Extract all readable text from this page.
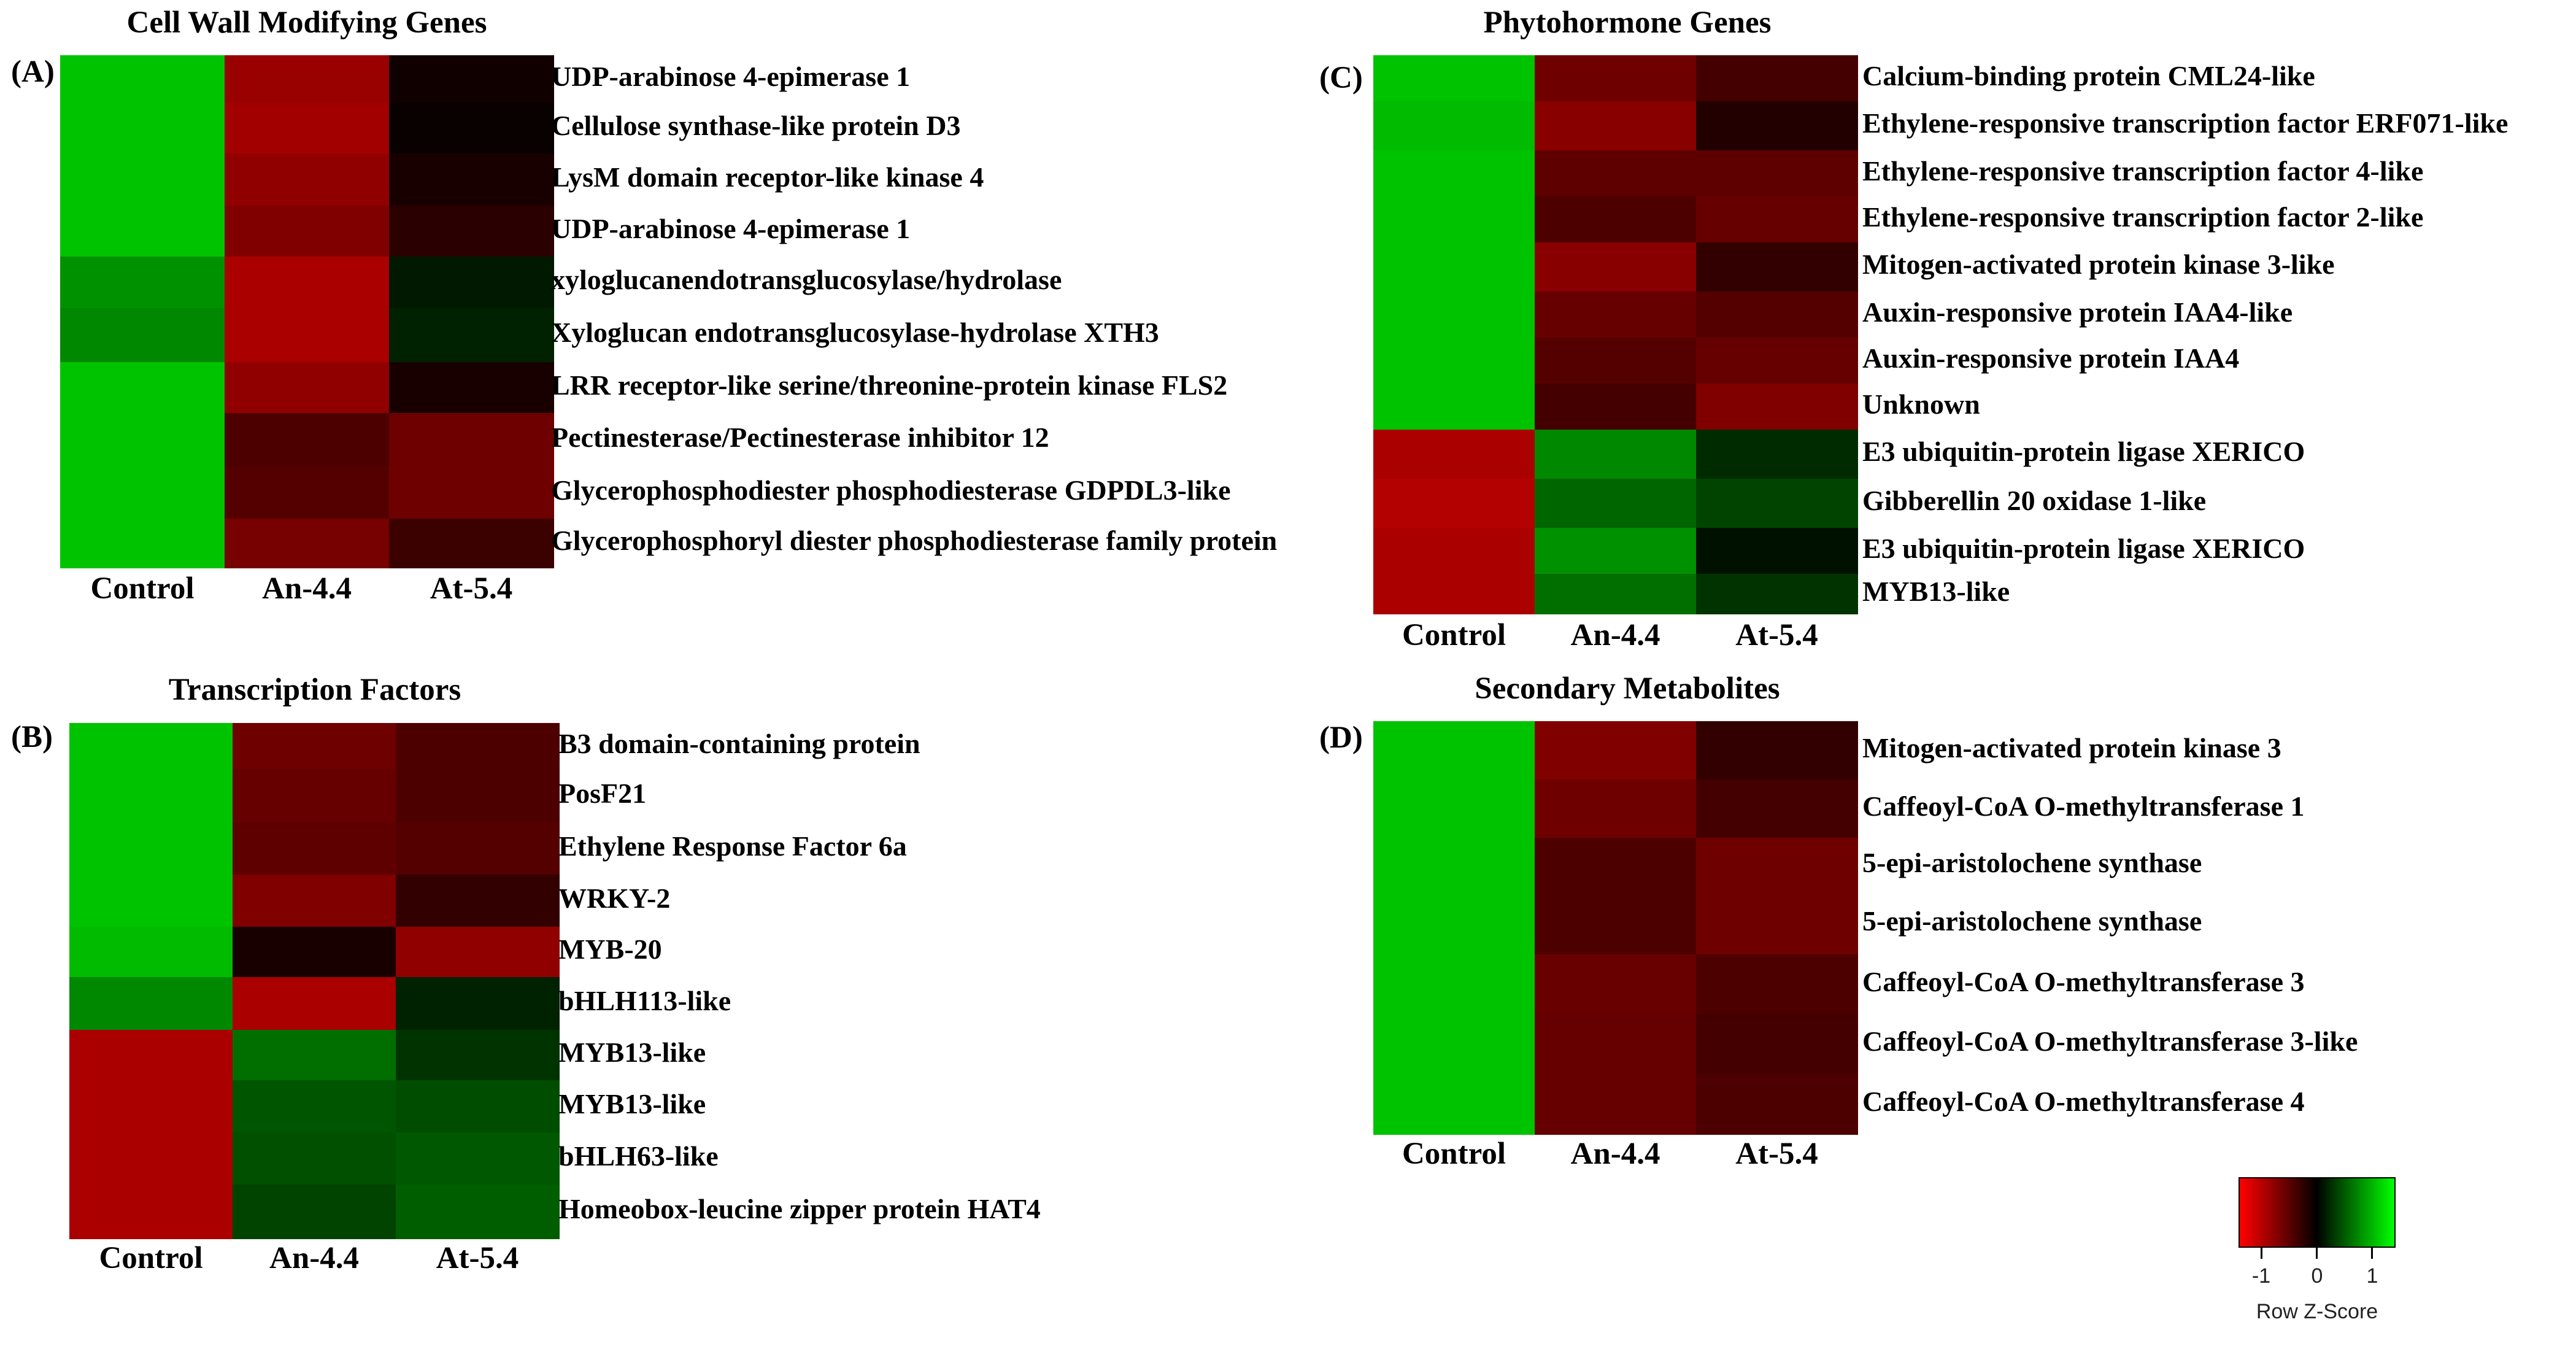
Cell Wall Modifying Genes
(A)	UDP-arabinose 4-epimerase 1
Cellulose synthase-like protein D3
LysM domain receptor-like kinase 4
UDP-arabinose 4-epimerase 1
xyloglucanendotransglucosylase/hydrolase
Xyloglucan endotransglucosylase-hydrolase XTH3
LRR receptor-like serine/threonine-protein kinase FLS2
Pectinesterase/Pectinesterase inhibitor 12
Glycerophosphodiester phosphodiesterase GDPDL3-like
Glycerophosphoryl diester phosphodiesterase family protein
Control	An-4.4	At-5.4
Transcription Factors
(B)	B3 domain-containing protein
PosF21
Ethylene Response Factor 6a
WRKY-2
MYB-20
bHLH113-like
MYB13-like
MYB13-like
bHLH63-like
Homeobox-leucine zipper protein HAT4
Control	An-4.4	At-5.4
Phytohormone Genes
(C)	Calcium-binding protein CML24-like
Ethylene-responsive transcription factor ERF071-like
Ethylene-responsive transcription factor 4-like
Ethylene-responsive transcription factor 2-like
Mitogen-activated protein kinase 3-like
Auxin-responsive protein IAA4-like
Auxin-responsive protein IAA4
Unknown
E3 ubiquitin-protein ligase XERICO
Gibberellin 20 oxidase 1-like
E3 ubiquitin-protein ligase XERICO
MYB13-like
Control	An-4.4	At-5.4
Secondary Metabolites
(D)	Mitogen-activated protein kinase 3
Caffeoyl-CoA O-methyltransferase 1
5-epi-aristolochene synthase
5-epi-aristolochene synthase
Caffeoyl-CoA O-methyltransferase 3
Caffeoyl-CoA O-methyltransferase 3-like
Caffeoyl-CoA O-methyltransferase 4
Control	An-4.4	At-5.4
-1	0	1
Row Z-Score
